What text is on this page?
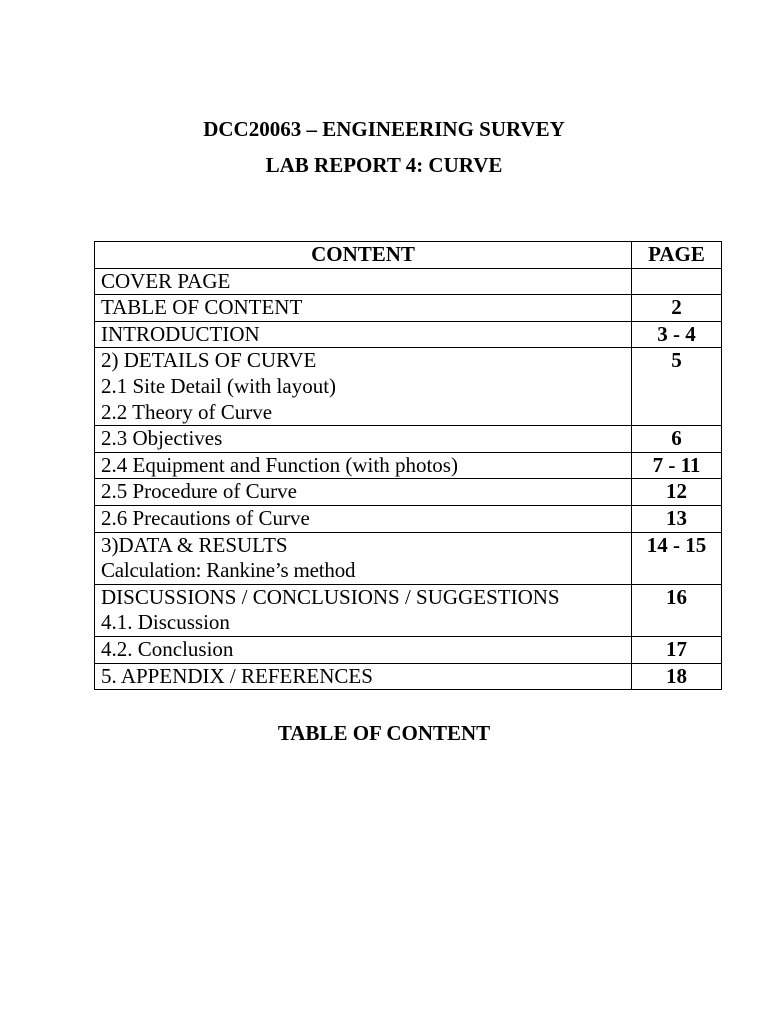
DCC20063 – ENGINEERING SURVEY
LAB REPORT 4: CURVE
CONTENT	PAGE

COVER PAGE	

TABLE OF CONTENT	2

INTRODUCTION	3 - 4

2) DETAILS OF CURVE
2.1 Site Detail (with layout)
2.2 Theory of Curve	5

2.3 Objectives	6

2.4 Equipment and Function (with photos)	7 - 11

2.5 Procedure of Curve	12

2.6 Precautions of Curve	13

3)DATA & RESULTS
Calculation: Rankine’s method	14 - 15

DISCUSSIONS / CONCLUSIONS / SUGGESTIONS
4.1. Discussion	16

4.2. Conclusion	17

5. APPENDIX / REFERENCES	18
TABLE OF CONTENT
